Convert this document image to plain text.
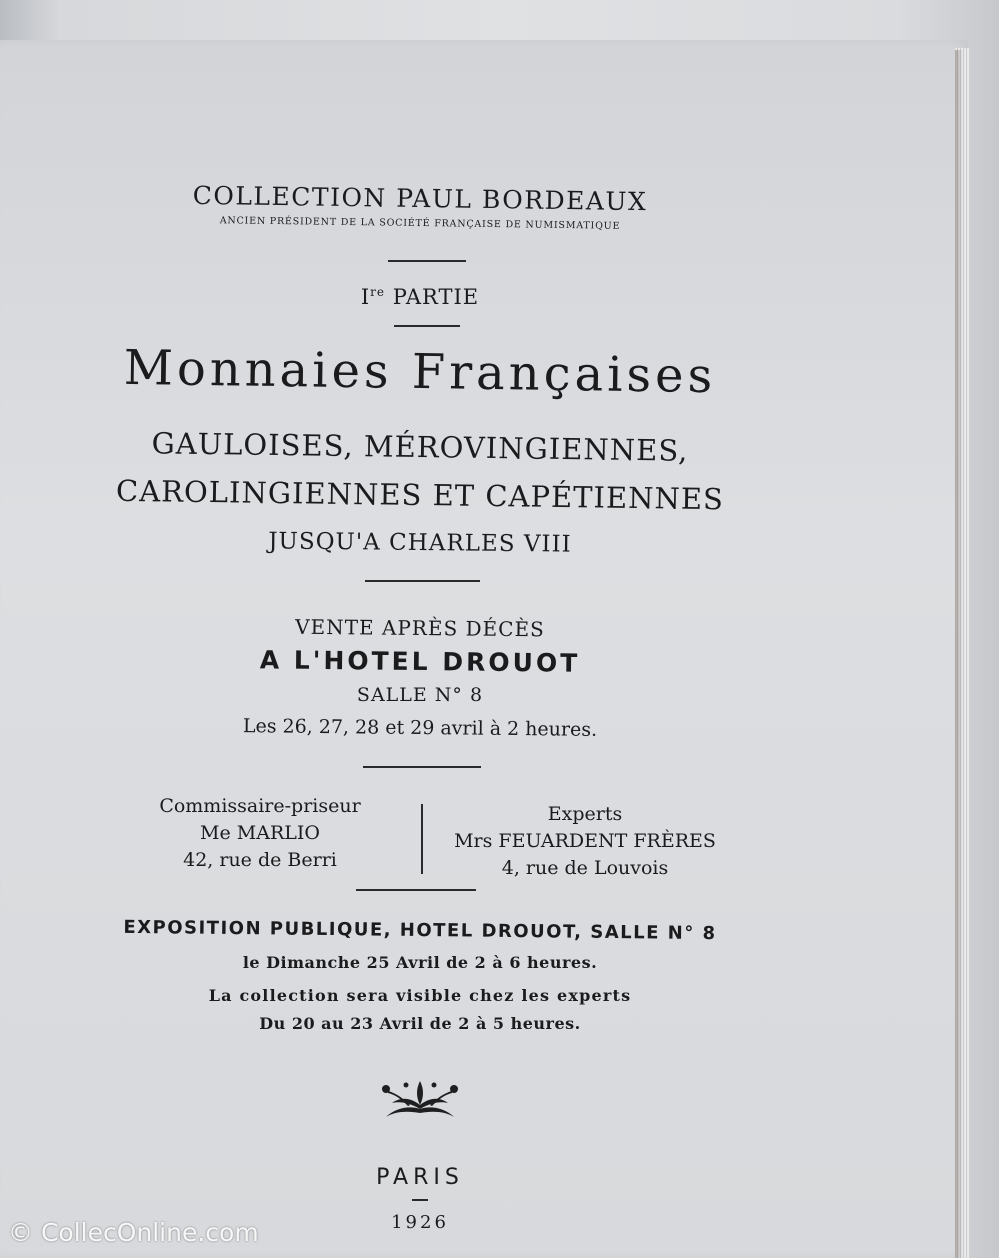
COLLECTION PAUL BORDEAUX
ANCIEN PRÉSIDENT DE LA SOCIÉTÉ FRANÇAISE DE NUMISMATIQUE
Ire PARTIE
Monnaies Françaises
GAULOISES, MÉROVINGIENNES,
CAROLINGIENNES ET CAPÉTIENNES
JUSQU'A CHARLES VIII
VENTE APRÈS DÉCÈS
A L'HOTEL DROUOT
SALLE N° 8
Les 26, 27, 28 et 29 avril à 2 heures.
Commissaire-priseur
Me MARLIO
42, rue de Berri
Experts
Mrs FEUARDENT FRÈRES
4, rue de Louvois
EXPOSITION PUBLIQUE, HOTEL DROUOT, SALLE N° 8
le Dimanche 25 Avril de 2 à 6 heures.
La collection sera visible chez les experts
Du 20 au 23 Avril de 2 à 5 heures.
PARIS
1926
© CollecOnline.com
